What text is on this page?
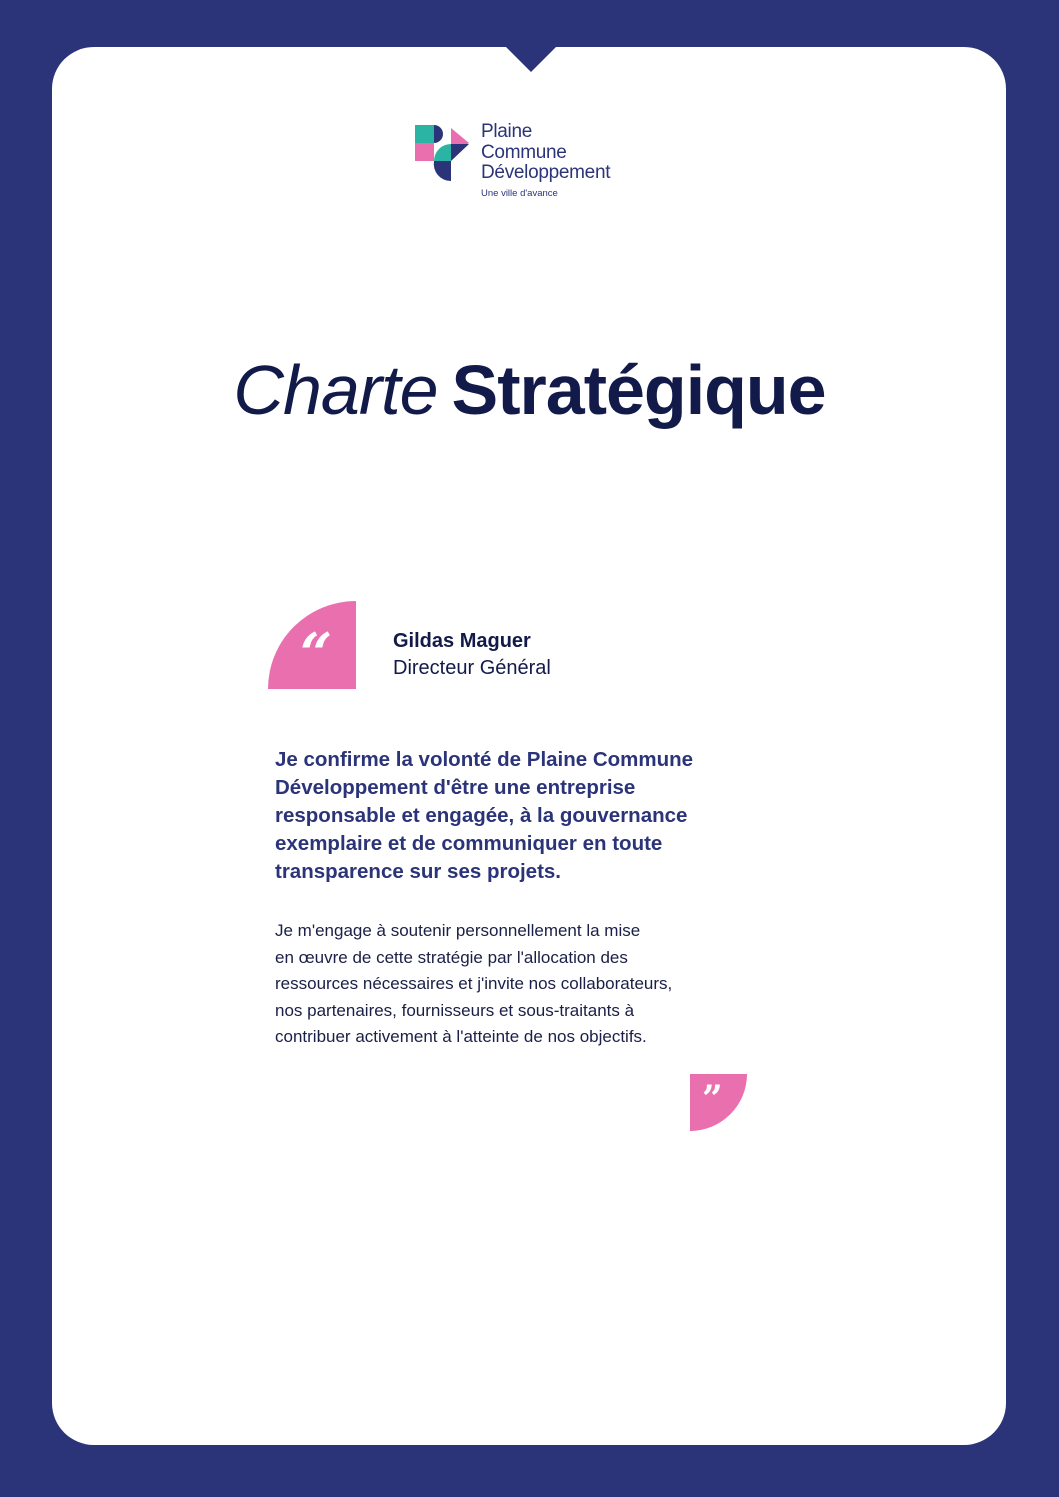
Plaine
Commune
Développement
Une ville d'avance
Charte Stratégique
“	Gildas Maguer
Directeur Général
Je confirme la volonté de Plaine Commune
Développement d'être une entreprise
responsable et engagée, à la gouvernance
exemplaire et de communiquer en toute
transparence sur ses projets.
Je m'engage à soutenir personnellement la mise
en œuvre de cette stratégie par l'allocation des
ressources nécessaires et j'invite nos collaborateurs,
nos partenaires, fournisseurs et sous-traitants à
contribuer activement à l'atteinte de nos objectifs.
”
